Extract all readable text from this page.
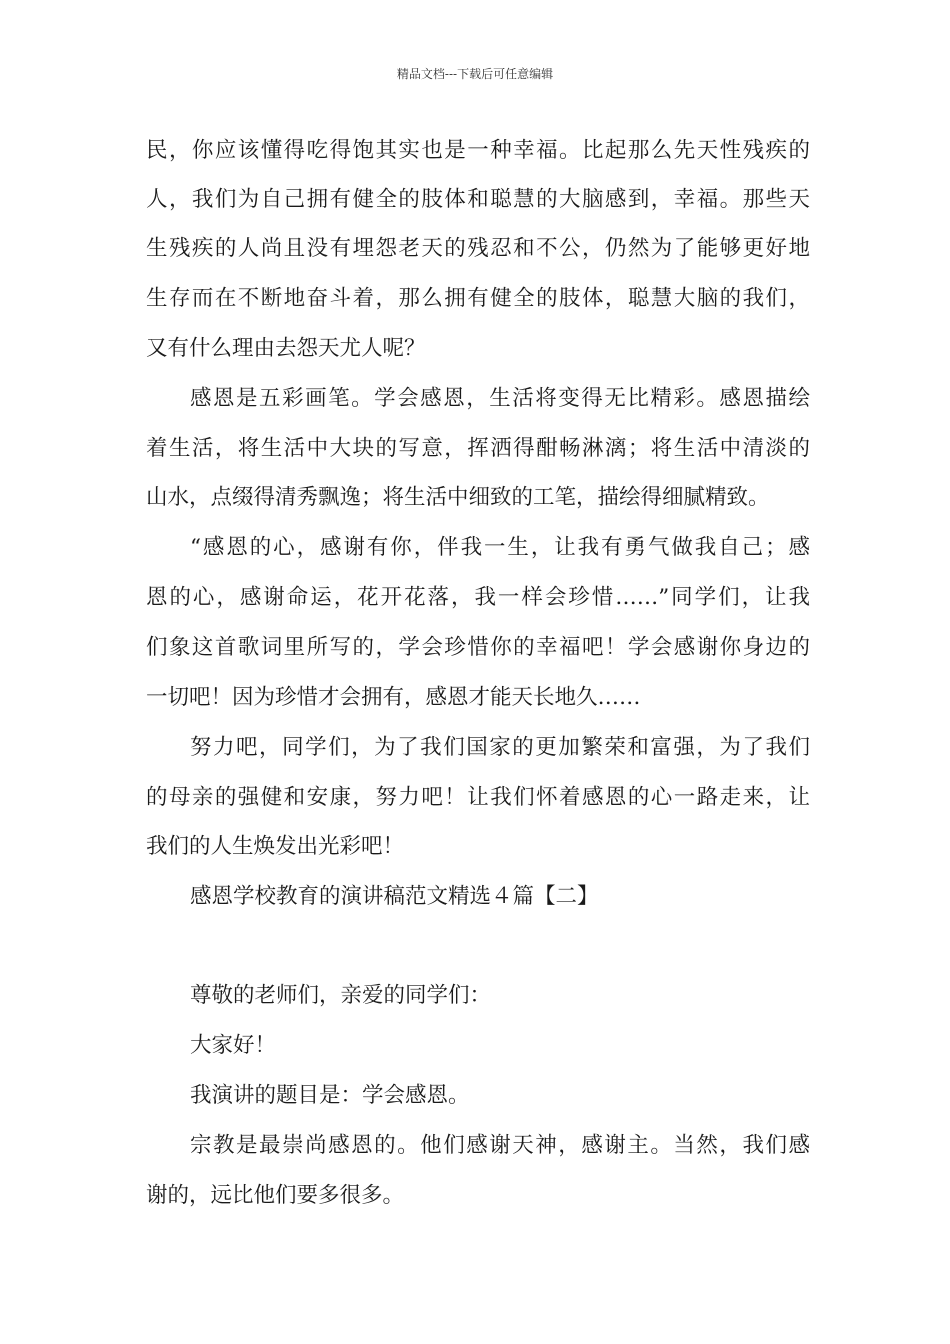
精品文档---下载后可任意编辑
民，你应该懂得吃得饱其实也是一种幸福。比起那么先天性残疾的
人，我们为自己拥有健全的肢体和聪慧的大脑感到，幸福。那些天
生残疾的人尚且没有埋怨老天的残忍和不公，仍然为了能够更好地
生存而在不断地奋斗着，那么拥有健全的肢体，聪慧大脑的我们，
又有什么理由去怨天尤人呢？
感恩是五彩画笔。学会感恩，生活将变得无比精彩。感恩描绘
着生活，将生活中大块的写意，挥洒得酣畅淋漓；将生活中清淡的
山水，点缀得清秀飘逸；将生活中细致的工笔，描绘得细腻精致。
“感恩的心，感谢有你，伴我一生，让我有勇气做我自己；感
恩的心，感谢命运，花开花落，我一样会珍惜……”同学们，让我
们象这首歌词里所写的，学会珍惜你的幸福吧！学会感谢你身边的
一切吧！因为珍惜才会拥有，感恩才能天长地久……
努力吧，同学们，为了我们国家的更加繁荣和富强，为了我们
的母亲的强健和安康，努力吧！让我们怀着感恩的心一路走来，让
我们的人生焕发出光彩吧！
感恩学校教育的演讲稿范文精选４篇【二】
尊敬的老师们，亲爱的同学们：
大家好！
我演讲的题目是：学会感恩。
宗教是最崇尚感恩的。他们感谢天神，感谢主。当然，我们感
谢的，远比他们要多很多。
